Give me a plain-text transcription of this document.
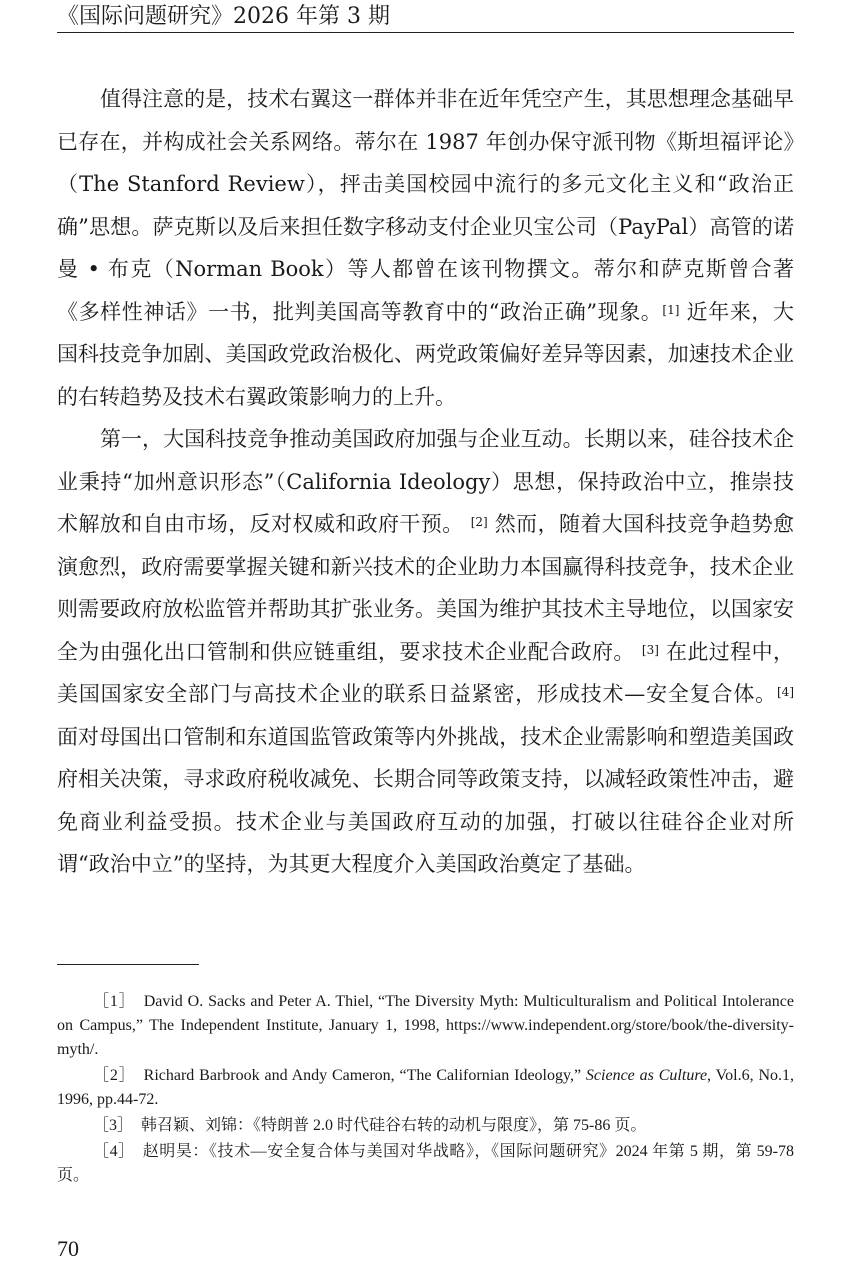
《国际问题研究》2026 年第 3 期

值得注意的是，技术右翼这一群体并非在近年凭空产生，其思想理念基础早已存在，并构成社会关系网络。蒂尔在 1987 年创办保守派刊物《斯坦福评论》（The Stanford Review），抨击美国校园中流行的多元文化主义和“政治正确”思想。萨克斯以及后来担任数字移动支付企业贝宝公司（PayPal）高管的诺曼 • 布克（Norman Book）等人都曾在该刊物撰文。蒂尔和萨克斯曾合著《多样性神话》一书，批判美国高等教育中的“政治正确”现象。[1] 近年来，大国科技竞争加剧、美国政党政治极化、两党政策偏好差异等因素，加速技术企业的右转趋势及技术右翼政策影响力的上升。

第一，大国科技竞争推动美国政府加强与企业互动。长期以来，硅谷技术企业秉持“加州意识形态”（California Ideology）思想，保持政治中立，推崇技术解放和自由市场，反对权威和政府干预。 [2] 然而，随着大国科技竞争趋势愈演愈烈，政府需要掌握关键和新兴技术的企业助力本国赢得科技竞争，技术企业则需要政府放松监管并帮助其扩张业务。美国为维护其技术主导地位，以国家安全为由强化出口管制和供应链重组，要求技术企业配合政府。 [3] 在此过程中，美国国家安全部门与高技术企业的联系日益紧密，形成技术—安全复合体。[4] 面对母国出口管制和东道国监管政策等内外挑战，技术企业需影响和塑造美国政府相关决策，寻求政府税收减免、长期合同等政策支持，以减轻政策性冲击，避免商业利益受损。技术企业与美国政府互动的加强，打破以往硅谷企业对所谓“政治中立”的坚持，为其更大程度介入美国政治奠定了基础。

［1］ David O. Sacks and Peter A. Thiel, “The Diversity Myth: Multiculturalism and Political Intolerance on Campus,” The Independent Institute, January 1, 1998, https://www.independent.org/store/book/the-diversity-myth/.

［2］ Richard Barbrook and Andy Cameron, “The Californian Ideology,” Science as Culture, Vol.6, No.1, 1996, pp.44-72.

［3］ 韩召颖、刘锦：《特朗普 2.0 时代硅谷右转的动机与限度》，第 75-86 页。

［4］ 赵明昊：《技术—安全复合体与美国对华战略》，《国际问题研究》2024 年第 5 期，第 59-78 页。

70
